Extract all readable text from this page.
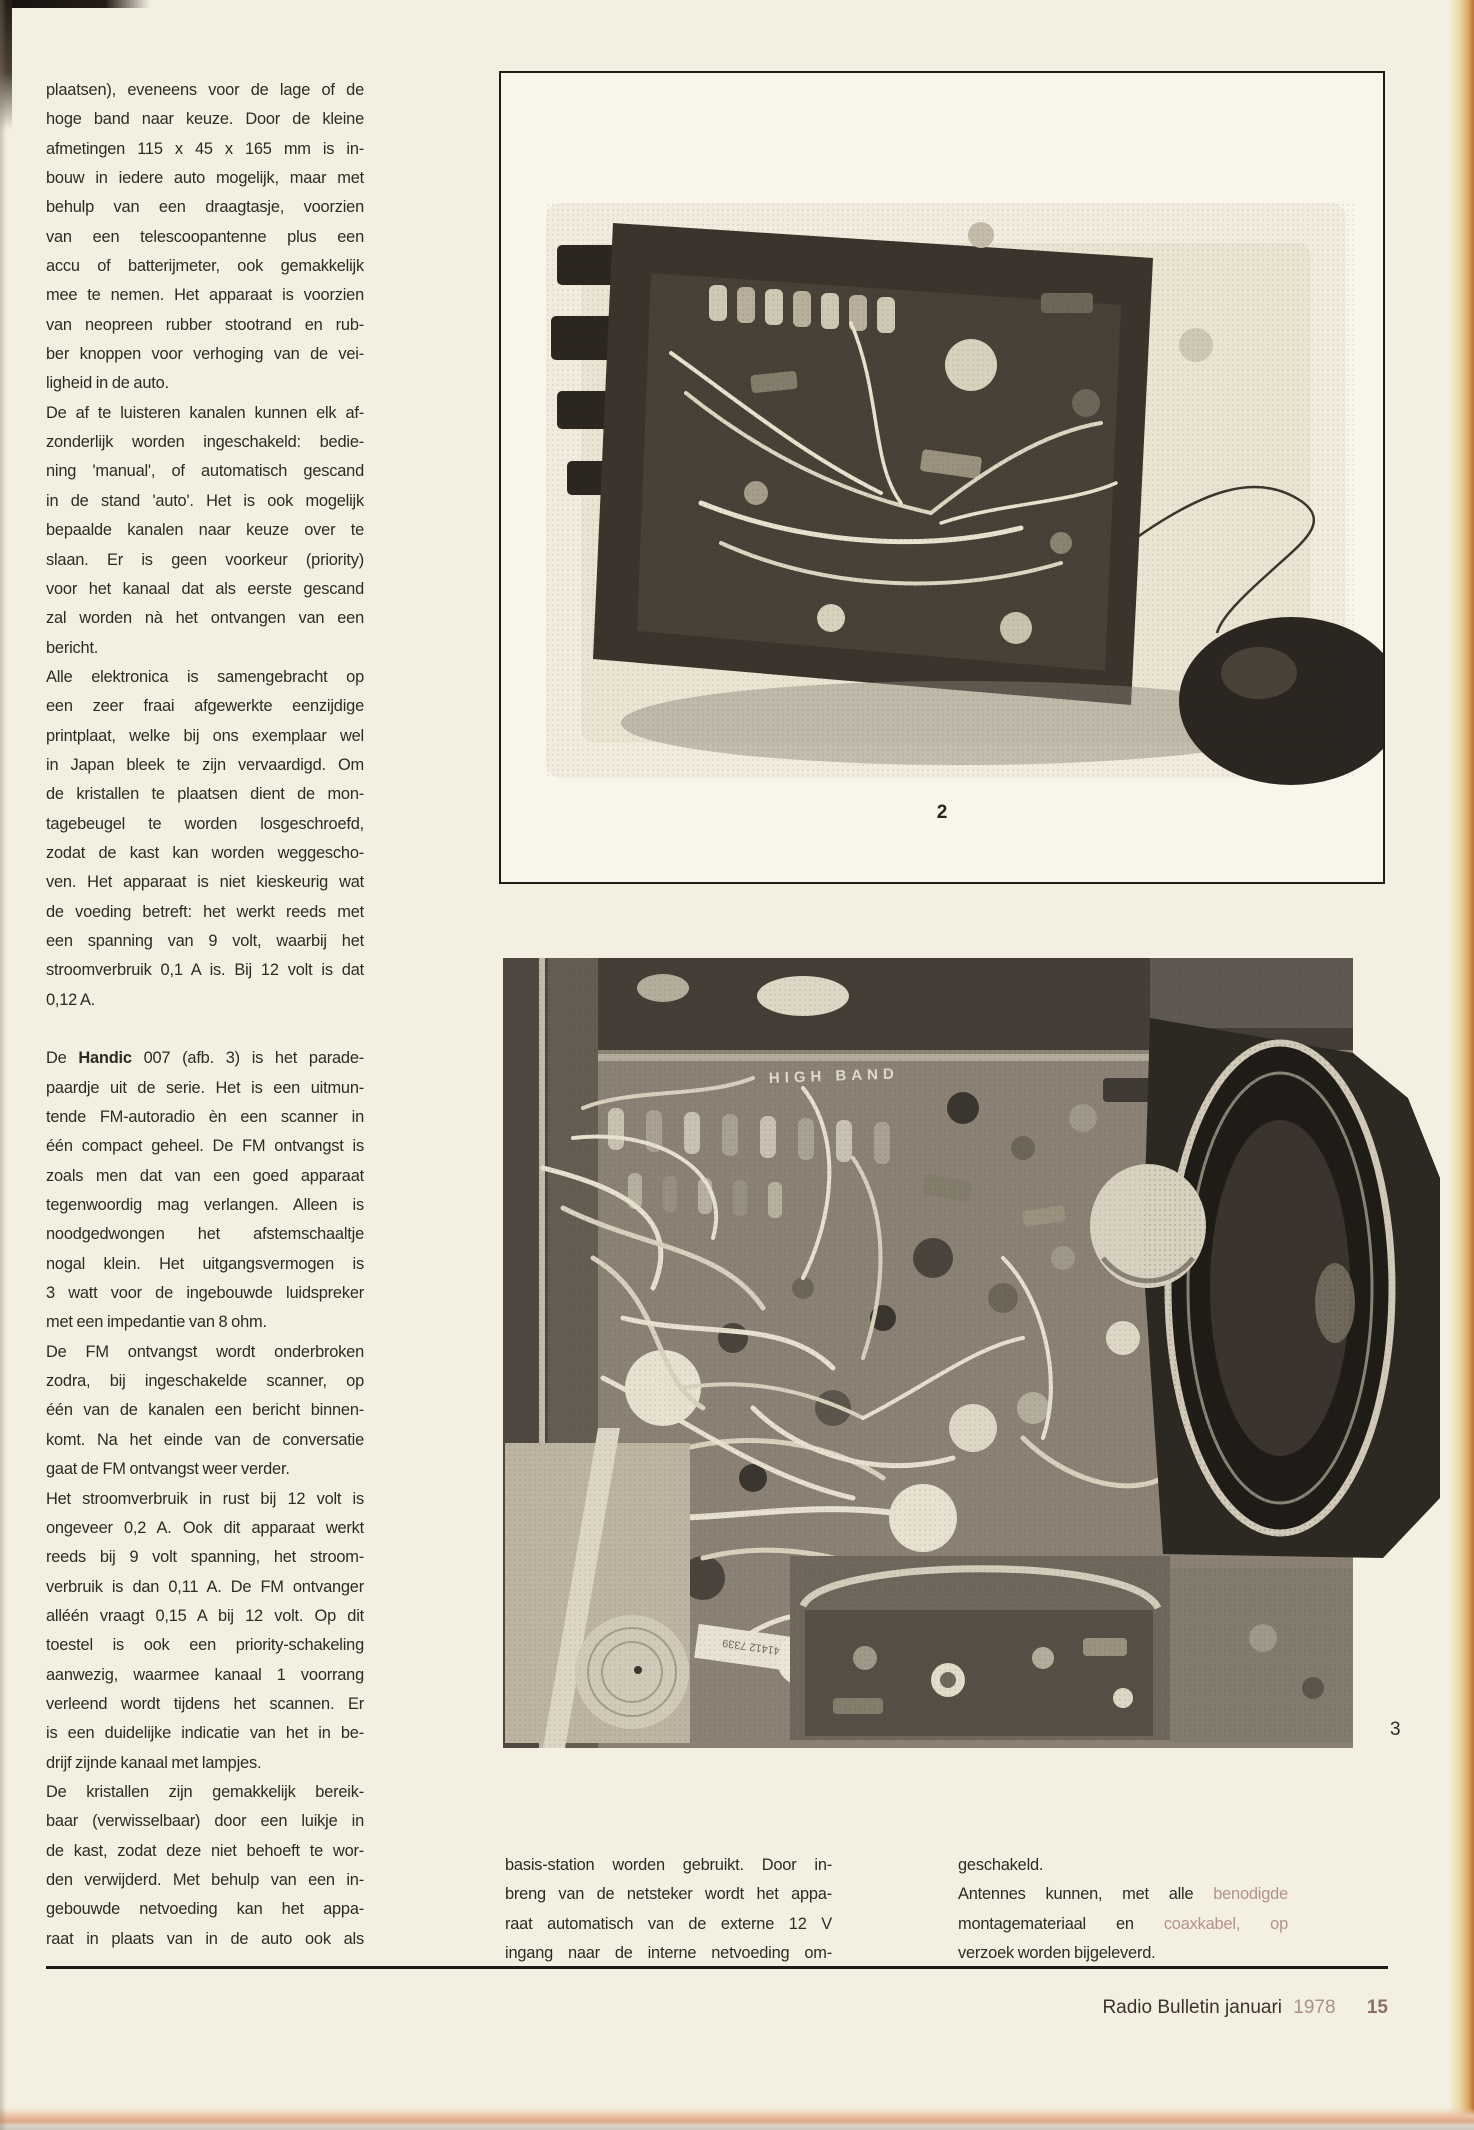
plaatsen), eveneens voor de lage of de
hoge band naar keuze. Door de kleine
afmetingen 115 x 45 x 165 mm is in-
bouw in iedere auto mogelijk, maar met
behulp van een draagtasje, voorzien
van een telescoopantenne plus een
accu of batterijmeter, ook gemakkelijk
mee te nemen. Het apparaat is voorzien
van neopreen rubber stootrand en rub-
ber knoppen voor verhoging van de vei-
ligheid in de auto.
De af te luisteren kanalen kunnen elk af-
zonderlijk worden ingeschakeld: bedie-
ning 'manual', of automatisch gescand
in de stand 'auto'. Het is ook mogelijk
bepaalde kanalen naar keuze over te
slaan. Er is geen voorkeur (priority)
voor het kanaal dat als eerste gescand
zal worden nà het ontvangen van een
bericht.
Alle elektronica is samengebracht op
een zeer fraai afgewerkte eenzijdige
printplaat, welke bij ons exemplaar wel
in Japan bleek te zijn vervaardigd. Om
de kristallen te plaatsen dient de mon-
tagebeugel te worden losgeschroefd,
zodat de kast kan worden weggescho-
ven. Het apparaat is niet kieskeurig wat
de voeding betreft: het werkt reeds met
een spanning van 9 volt, waarbij het
stroomverbruik 0,1 A is. Bij 12 volt is dat
0,12 A.
De Handic 007 (afb. 3) is het parade-
paardje uit de serie. Het is een uitmun-
tende FM-autoradio èn een scanner in
één compact geheel. De FM ontvangst is
zoals men dat van een goed apparaat
tegenwoordig mag verlangen. Alleen is
noodgedwongen het afstemschaaltje
nogal klein. Het uitgangsvermogen is
3 watt voor de ingebouwde luidspreker
met een impedantie van 8 ohm.
De FM ontvangst wordt onderbroken
zodra, bij ingeschakelde scanner, op
één van de kanalen een bericht binnen-
komt. Na het einde van de conversatie
gaat de FM ontvangst weer verder.
Het stroomverbruik in rust bij 12 volt is
ongeveer 0,2 A. Ook dit apparaat werkt
reeds bij 9 volt spanning, het stroom-
verbruik is dan 0,11 A. De FM ontvanger
alléén vraagt 0,15 A bij 12 volt. Op dit
toestel is ook een priority-schakeling
aanwezig, waarmee kanaal 1 voorrang
verleend wordt tijdens het scannen. Er
is een duidelijke indicatie van het in be-
drijf zijnde kanaal met lampjes.
De kristallen zijn gemakkelijk bereik-
baar (verwisselbaar) door een luikje in
de kast, zodat deze niet behoeft te wor-
den verwijderd. Met behulp van een in-
gebouwde netvoeding kan het appa-
raat in plaats van in de auto ook als
2
3
basis-station worden gebruikt. Door in-
breng van de netsteker wordt het appa-
raat automatisch van de externe 12 V
ingang naar de interne netvoeding om-
geschakeld.
Antennes kunnen, met alle benodigde
montagemateriaal en coaxkabel, op
verzoek worden bijgeleverd.
Radio Bulletin januari 1978 15
